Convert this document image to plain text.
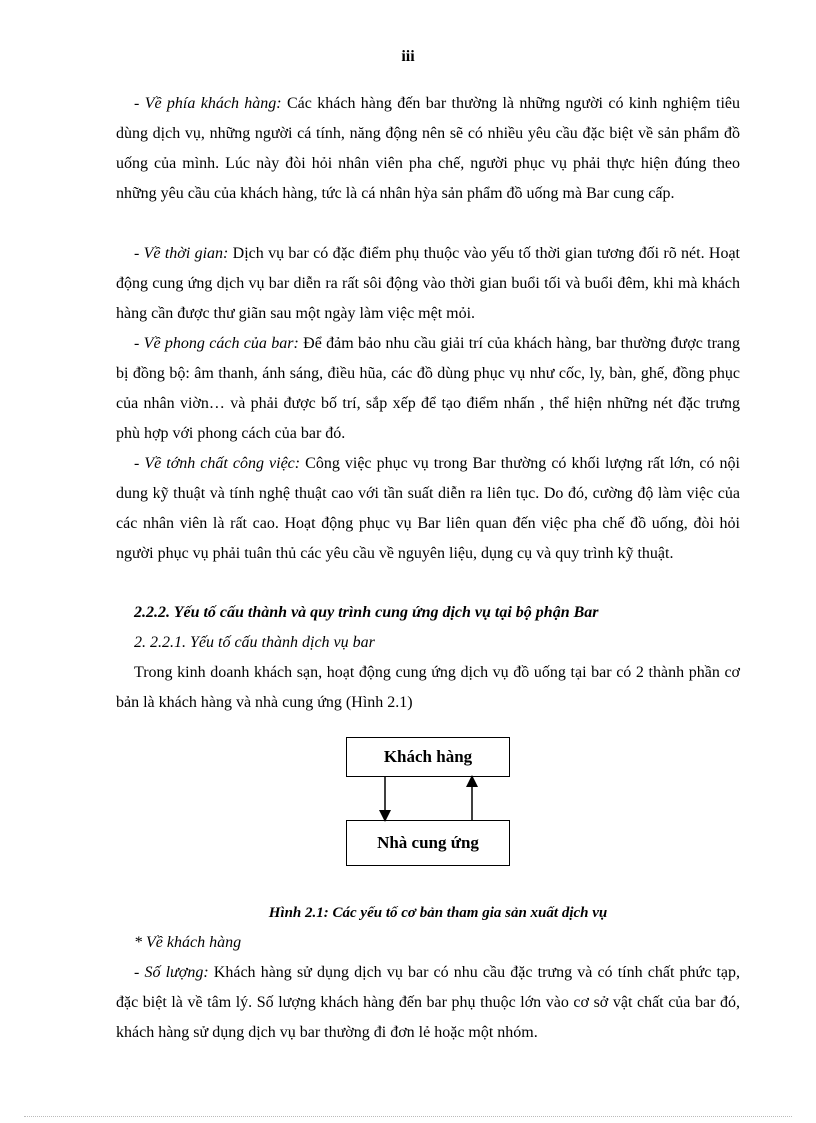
iii

- Về phía khách hàng: Các khách hàng đến bar thường là những người có kinh nghiệm tiêu dùng dịch vụ, những người cá tính, năng động nên sẽ có nhiều yêu cầu đặc biệt về sản phẩm đồ uống của mình. Lúc này đòi hỏi nhân viên pha chế, người phục vụ phải thực hiện đúng theo những yêu cầu của khách hàng, tức là cá nhân hỳa sản phẩm đồ uống mà Bar cung cấp.

- Về thời gian: Dịch vụ bar có đặc điểm phụ thuộc vào yếu tố thời gian tương đối rõ nét. Hoạt động cung ứng dịch vụ bar diễn ra rất sôi động vào thời gian buổi tối và buổi đêm, khi mà khách hàng cần được thư giãn sau một ngày làm việc mệt mỏi.

- Về phong cách của bar: Để đảm bảo nhu cầu giải trí của khách hàng, bar thường được trang bị đồng bộ: âm thanh, ánh sáng, điều hũa, các đồ dùng phục vụ như cốc, ly, bàn, ghế, đồng phục của nhân viờn… và phải được bố trí, sắp xếp để tạo điểm nhấn , thể hiện những nét đặc trưng phù hợp với phong cách của bar đó.

- Về tớnh chất công việc: Công việc phục vụ trong Bar thường có khối lượng rất lớn, có nội dung kỹ thuật và tính nghệ thuật cao với tần suất diễn ra liên tục. Do đó, cường độ làm việc của các nhân viên là rất cao. Hoạt động phục vụ Bar liên quan đến việc pha chế đồ uống, đòi hỏi người phục vụ phải tuân thủ các yêu cầu về nguyên liệu, dụng cụ và quy trình kỹ thuật.

2.2.2. Yếu tố cấu thành và quy trình cung ứng dịch vụ tại bộ phận Bar

2. 2.2.1. Yếu tố cấu thành dịch vụ bar

Trong kinh doanh khách sạn, hoạt động cung ứng dịch vụ đồ uống tại bar có 2 thành phần cơ bản là khách hàng và nhà cung ứng (Hình 2.1)

Khách hàng
Nhà cung ứng
Hình 2.1: Các yếu tố cơ bản tham gia sản xuất dịch vụ

* Về khách hàng

- Số lượng: Khách hàng sử dụng dịch vụ bar có nhu cầu đặc trưng và có tính chất phức tạp, đặc biệt là về tâm lý. Số lượng khách hàng đến bar phụ thuộc lớn vào cơ sở vật chất của bar đó, khách hàng sử dụng dịch vụ bar thường đi đơn lẻ hoặc một nhóm.
